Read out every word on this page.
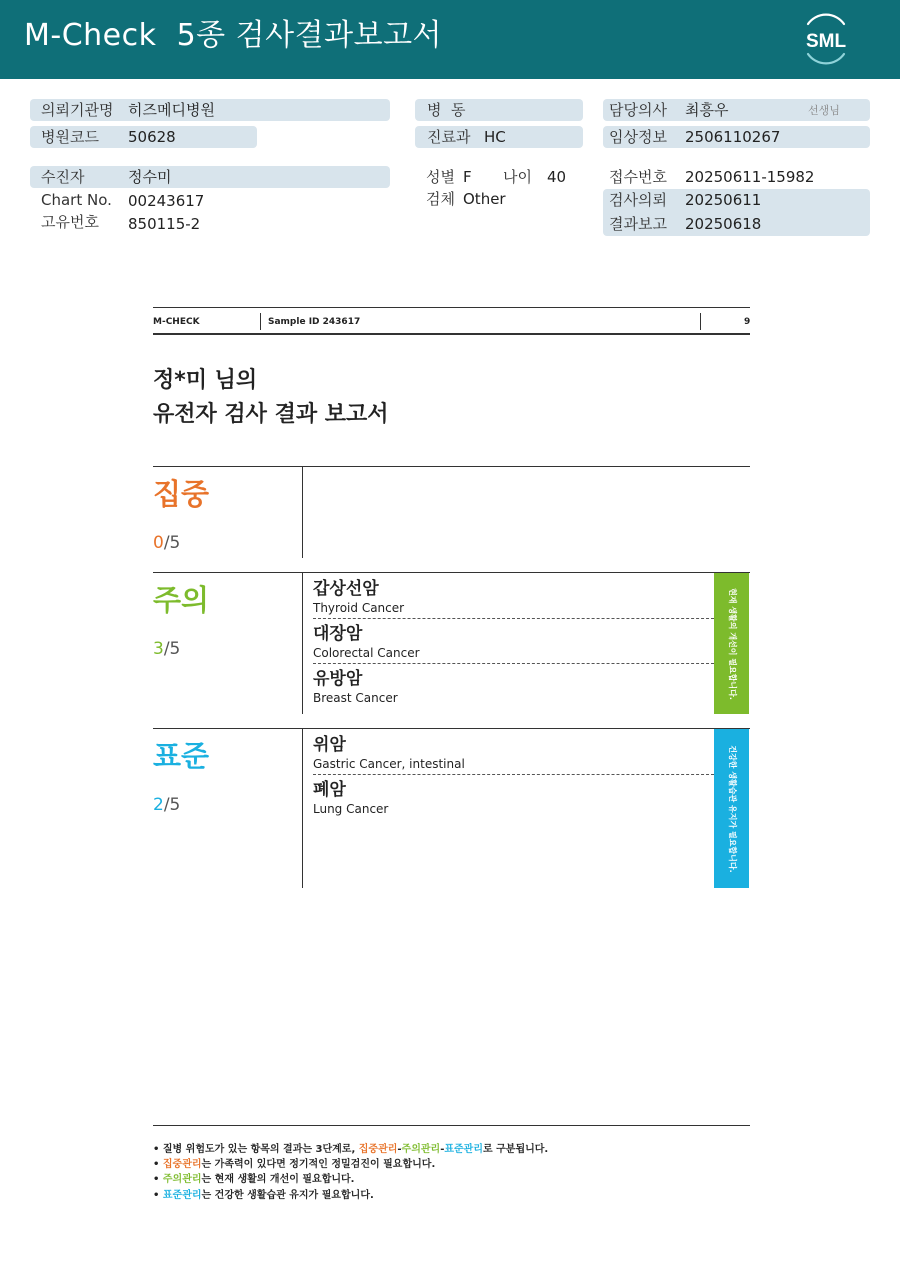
M-Check  5종 검사결과보고서	SML
의뢰기관명 히즈메디병원	병  동	담당의사 최흥우	선생님
병원코드 50628	진료과 HC	임상정보 2506110267
수진자	정수미	성별 F 나이 40	접수번호 20250611-15982
Chart No. 00243617	검체 Other	검사의뢰 20250611
고유번호 850115-2	결과보고 20250618
M-CHECK	Sample ID 243617	9
정*미 님의
유전자 검사 결과 보고서
집중
0/5
주의
3/5
갑상선암
Thyroid Cancer
대장암
Colorectal Cancer
유방암
Breast Cancer	현재 생활의 개선이 필요합니다.
표준
2/5
위암
Gastric Cancer, intestinal
폐암
Lung Cancer	건강한 생활습관 유지가 필요합니다.
• 질병 위험도가 있는 항목의 결과는 3단계로, 집중관리-주의관리-표준관리로 구분됩니다.
• 집중관리는 가족력이 있다면 정기적인 정밀검진이 필요합니다.
• 주의관리는 현재 생활의 개선이 필요합니다.
• 표준관리는 건강한 생활습관 유지가 필요합니다.
